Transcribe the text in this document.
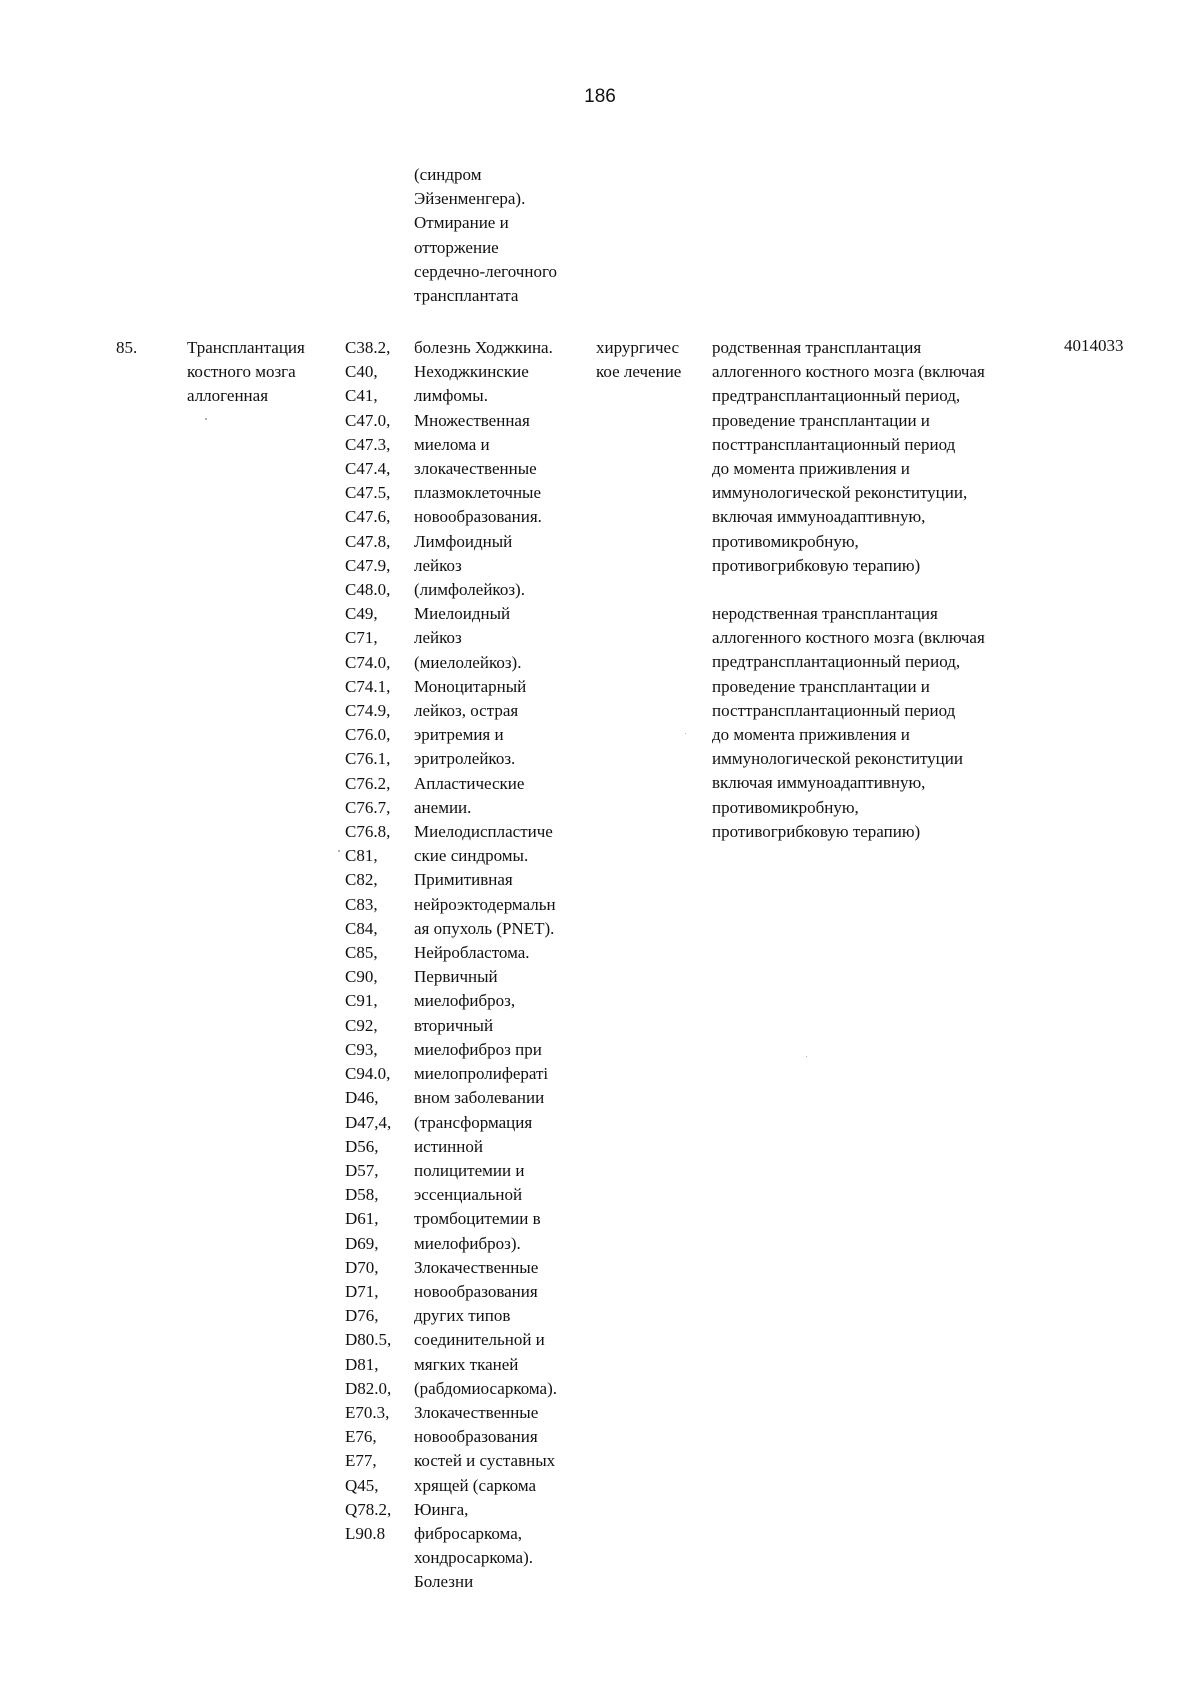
186
(синдром
Эйзенменгера).
Отмирание и
отторжение
сердечно-легочного
трансплантата
85.	Трансплантация
костного мозга
аллогенная
C38.2,
C40,
C41,
C47.0,
C47.3,
C47.4,
C47.5,
C47.6,
C47.8,
C47.9,
C48.0,
C49,
C71,
C74.0,
C74.1,
C74.9,
C76.0,
C76.1,
C76.2,
C76.7,
C76.8,
C81,
C82,
C83,
C84,
C85,
C90,
C91,
C92,
C93,
C94.0,
D46,
D47,4,
D56,
D57,
D58,
D61,
D69,
D70,
D71,
D76,
D80.5,
D81,
D82.0,
E70.3,
E76,
E77,
Q45,
Q78.2,
L90.8
болезнь Ходжкина.
Неходжкинские
лимфомы.
Множественная
миелома и
злокачественные
плазмоклеточные
новообразования.
Лимфоидный
лейкоз
(лимфолейкоз).
Миелоидный
лейкоз
(миелолейкоз).
Моноцитарный
лейкоз, острая
эритремия и
эритролейкоз.
Апластические
анемии.
Миелодиспластиче
ские синдромы.
Примитивная
нейроэктодермальн
ая опухоль (PNET).
Нейробластома.
Первичный
миелофиброз,
вторичный
миелофиброз при
миелопролифератi
вном заболевании
(трансформация
истинной
полицитемии и
эссенциальной
тромбоцитемии в
миелофиброз).
Злокачественные
новообразования
других типов
соединительной и
мягких тканей
(рабдомиосаркома).
Злокачественные
новообразования
костей и суставных
хрящей (саркома
Юинга,
фибросаркома,
хондросаркома).
Болезни
хирургичес
кое лечение
родственная трансплантация
аллогенного костного мозга (включая
предтрансплантационный период,
проведение трансплантации и
посттрансплантационный период
до момента приживления и
иммунологической реконституции,
включая иммуноадаптивную,
противомикробную,
противогрибковую терапию)
неродственная трансплантация
аллогенного костного мозга (включая
предтрансплантационный период,
проведение трансплантации и
посттрансплантационный период
до момента приживления и
иммунологической реконституции
включая иммуноадаптивную,
противомикробную,
противогрибковую терапию)
4014033
